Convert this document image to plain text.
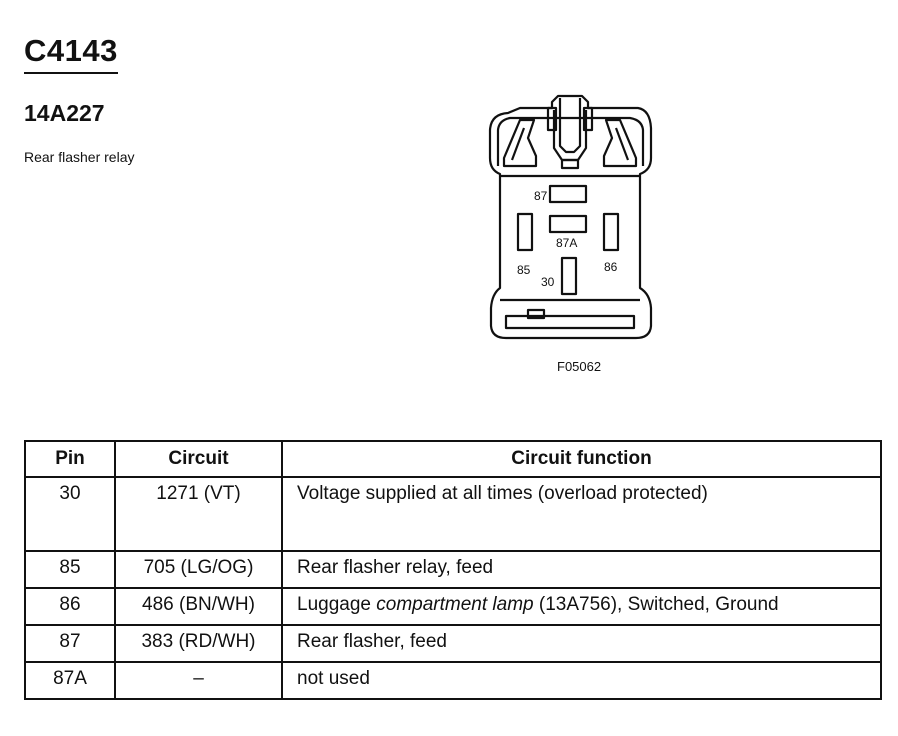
C4143
14A227
Rear flasher relay
87
87A
85	86
30
F05062
Pin	Circuit	Circuit function
30	1271 (VT)	Voltage supplied at all times (overload protected)
85	705 (LG/OG)	Rear flasher relay, feed
86	486 (BN/WH)	Luggage compartment lamp (13A756), Switched, Ground
87	383 (RD/WH)	Rear flasher, feed
87A	–	not used
